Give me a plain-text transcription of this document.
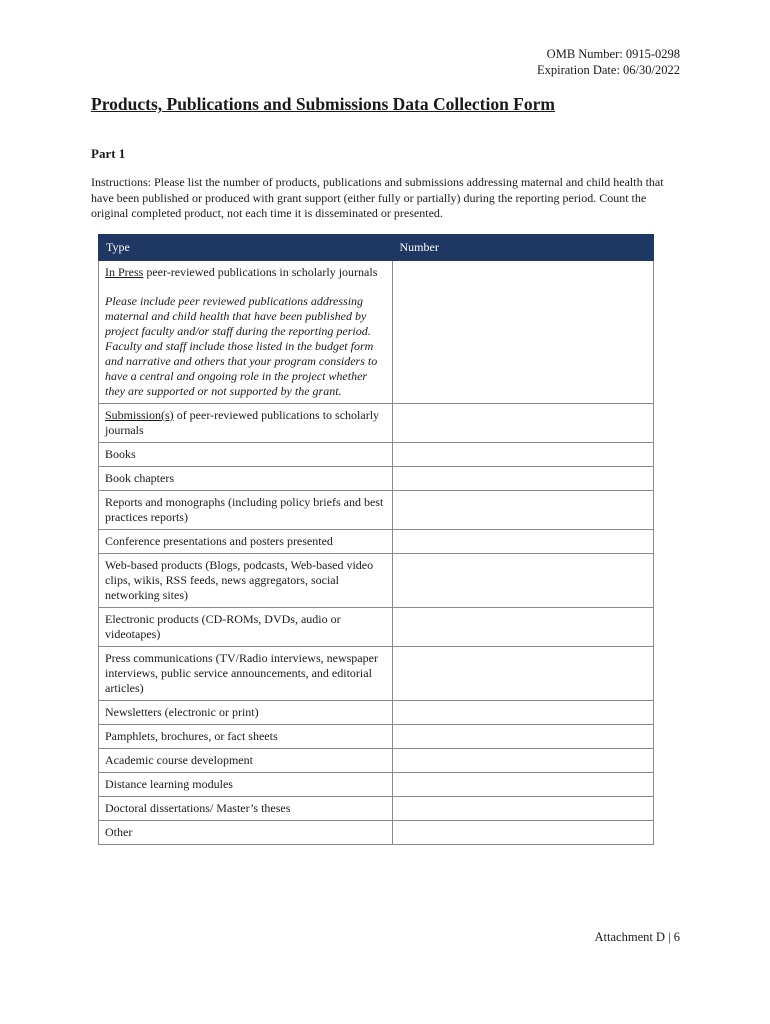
OMB Number: 0915-0298
Expiration Date: 06/30/2022
Products, Publications and Submissions Data Collection Form
Part 1

Instructions: Please list the number of products, publications and submissions addressing maternal and child health that have been published or produced with grant support (either fully or partially) during the reporting period. Count the original completed product, not each time it is disseminated or presented.

Type	Number
In Press peer-reviewed publications in scholarly journals
Please include peer reviewed publications addressing maternal and child health that have been published by project faculty and/or staff during the reporting period. Faculty and staff include those listed in the budget form and narrative and others that your program considers to have a central and ongoing role in the project whether they are supported or not supported by the grant.	

Submission(s) of peer-reviewed publications to scholarly journals	
Books	
Book chapters	
Reports and monographs (including policy briefs and best practices reports)	
Conference presentations and posters presented	
Web-based products (Blogs, podcasts, Web-based video clips, wikis, RSS feeds, news aggregators, social networking sites)	
Electronic products (CD-ROMs, DVDs, audio or videotapes)	
Press communications (TV/Radio interviews, newspaper interviews, public service announcements, and editorial articles)	
Newsletters (electronic or print)	
Pamphlets, brochures, or fact sheets	
Academic course development	
Distance learning modules	
Doctoral dissertations/ Master’s theses	
Other	
Attachment D | 6
